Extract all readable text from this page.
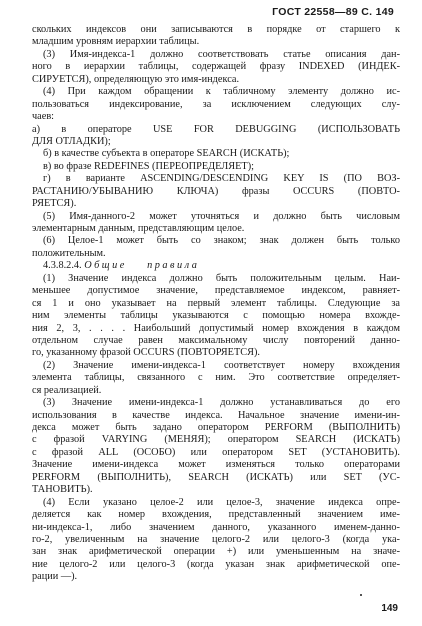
ГОСТ 22558—89 С. 149
скольких индексов они записываются в порядке от старшего к
младшим уровням иерархии таблицы.
(3) Имя-индекса-1 должно соответствовать статье описания дан-
ного в иерархии таблицы, содержащей фразу INDEXED (ИНДЕК-
СИРУЕТСЯ), определяющую это имя-индекса.
(4) При каждом обращении к табличному элементу должно ис-
пользоваться индексирование, за исключением следующих слу-
чаев:
а) в операторе USE FOR DEBUGGING (ИСПОЛЬЗОВАТЬ
ДЛЯ ОТЛАДКИ);
б) в качестве субъекта в операторе SEARCH (ИСКАТЬ);
в) во фразе REDEFINES (ПЕРЕОПРЕДЕЛЯЕТ);
г) в варианте ASCENDING/DESCENDING KEY IS (ПО ВОЗ-
РАСТАНИЮ/УБЫВАНИЮ КЛЮЧА) фразы OCCURS (ПОВТО-
РЯЕТСЯ).
(5) Имя-данного-2 может уточняться и должно быть числовым
элементарным данным, представляющим целое.
(6) Целое-1 может быть со знаком; знак должен быть только
положительным.
4.3.8.2.4. Общие    правила
(1) Значение индекса должно быть положительным целым. Наи-
меньшее допустимое значение, представляемое индексом, равняет-
ся 1 и оно указывает на первый элемент таблицы. Следующие за
ним элементы таблицы указываются с помощью номера вхожде-
ния 2, 3, . . . . Наибольший допустимый номер вхождения в каждом
отдельном случае равен максимальному числу повторений данно-
го, указанному фразой OCCURS (ПОВТОРЯЕТСЯ).
(2) Значение имени-индекса-1 соответствует номеру вхождения
элемента таблицы, связанного с ним. Это соответствие определяет-
ся реализацией.
(3) Значение имени-индекса-1 должно устанавливаться до его
использования в качестве индекса. Начальное значение имени-ин-
декса может быть задано оператором PERFORM (ВЫПОЛНИТЬ)
с фразой VARYING (МЕНЯЯ); оператором SEARCH (ИСКАТЬ)
с фразой ALL (ОСОБО) или оператором SET (УСТАНОВИТЬ).
Значение имени-индекса может изменяться только операторами
PERFORM (ВЫПОЛНИТЬ), SEARCH (ИСКАТЬ) или SET (УС-
ТАНОВИТЬ).
(4) Если указано целое-2 или целое-3, значение индекса опре-
деляется как номер вхождения, представленный значением име-
ни-индекса-1, либо значением данного, указанного именем-данно-
го-2, увеличенным на значение целого-2 или целого-3 (когда ука-
зан знак арифметической операции +) или уменьшенным на значе-
ние целого-2 или целого-3 (когда указан знак арифметической опе-
рации —).
149
